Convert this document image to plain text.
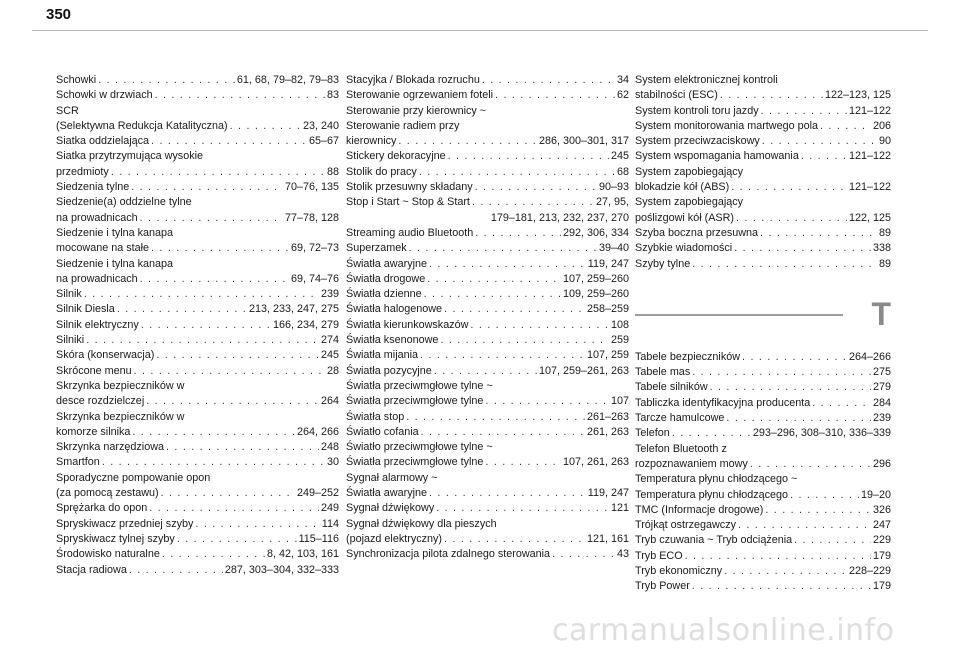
350
Schowki . . .	61, 68, 79–82, 79–83
Schowki w drzwiach . . .	83
SCR
(Selektywna Redukcja Katalityczna) . . .	23, 240
Siatka oddzielająca . . .	65–67
Siatka przytrzymująca wysokie
przedmioty . . .	88
Siedzenia tylne . . .	70–76, 135
Siedzenie(a) oddzielne tylne
na prowadnicach . . .	77–78, 128
Siedzenie i tylna kanapa
mocowane na stałe . . .	69, 72–73
Siedzenie i tylna kanapa
na prowadnicach . . .	69, 74–76
Silnik . . .	239
Silnik Diesla . . .	213, 233, 247, 275
Silnik elektryczny . . .	166, 234, 279
Silniki . . .	274
Skóra (konserwacja) . . .	245
Skrócone menu . . .	28
Skrzynka bezpieczników w
desce rozdzielczej . . .	264
Skrzynka bezpieczników w
komorze silnika . . .	264, 266
Skrzynka narzędziowa . . .	248
Smartfon . . .	30
Sporadyczne pompowanie opon
(za pomocą zestawu) . . .	249–252
Sprężarka do opon . . .	249
Spryskiwacz przedniej szyby . . .	114
Spryskiwacz tylnej szyby . . .	115–116
Środowisko naturalne . . .	8, 42, 103, 161
Stacja radiowa . . .	287, 303–304, 332–333
Stacyjka / Blokada rozruchu . . .	34
Sterowanie ogrzewaniem foteli . . .	62
Sterowanie przy kierownicy ~
Sterowanie radiem przy
kierownicy . . .	286, 300–301, 317
Stickery dekoracyjne . . .	245
Stolik do pracy . . .	68
Stolik przesuwny składany . . .	90–93
Stop i Start ~ Stop & Start . . .	27, 95,
179–181, 213, 232, 237, 270
Streaming audio Bluetooth . . .	292, 306, 334
Superzamek . . .	39–40
Światła awaryjne . . .	119, 247
Światła drogowe . . .	107, 259–260
Światła dzienne . . .	109, 259–260
Światła halogenowe . . .	258–259
Światła kierunkowskazów . . .	108
Światła ksenonowe . . .	259
Światła mijania . . .	107, 259
Światła pozycyjne . . .	107, 259–261, 263
Światła przeciwmgłowe tylne ~
Światła przeciwmgłowe tylne . . .	107
Światła stop . . .	261–263
Światło cofania . . .	261, 263
Światło przeciwmgłowe tylne ~
Światła przeciwmgłowe tylne . . .	107, 261, 263
Sygnał alarmowy ~
Światła awaryjne . . .	119, 247
Sygnał dźwiękowy . . .	121
Sygnał dźwiękowy dla pieszych
(pojazd elektryczny) . . .	121, 161
Synchronizacja pilota zdalnego sterowania . . .	43
System elektronicznej kontroli
stabilności (ESC) . . .	122–123, 125
System kontroli toru jazdy . . .	121–122
System monitorowania martwego pola . . .	206
System przeciwzaciskowy . . .	90
System wspomagania hamowania . . .	121–122
System zapobiegający
blokadzie kół (ABS) . . .	121–122
System zapobiegający
poślizgowi kół (ASR) . . .	122, 125
Szyba boczna przesuwna . . .	89
Szybkie wiadomości . . .	338
Szyby tylne . . .	89
T
Tabele bezpieczników . . .	264–266
Tabele mas . . .	275
Tabele silników . . .	279
Tabliczka identyfikacyjna producenta . . .	284
Tarcze hamulcowe . . .	239
Telefon . . .	293–296, 308–310, 336–339
Telefon Bluetooth z
rozpoznawaniem mowy . . .	296
Temperatura płynu chłodzącego ~
Temperatura płynu chłodzącego . . .	19–20
TMC (Informacje drogowe) . . .	326
Trójkąt ostrzegawczy . . .	247
Tryb czuwania ~ Tryb odciążenia . . .	229
Tryb ECO . . .	179
Tryb ekonomiczny . . .	228–229
Tryb Power . . .	179
carmanualsonline.info
